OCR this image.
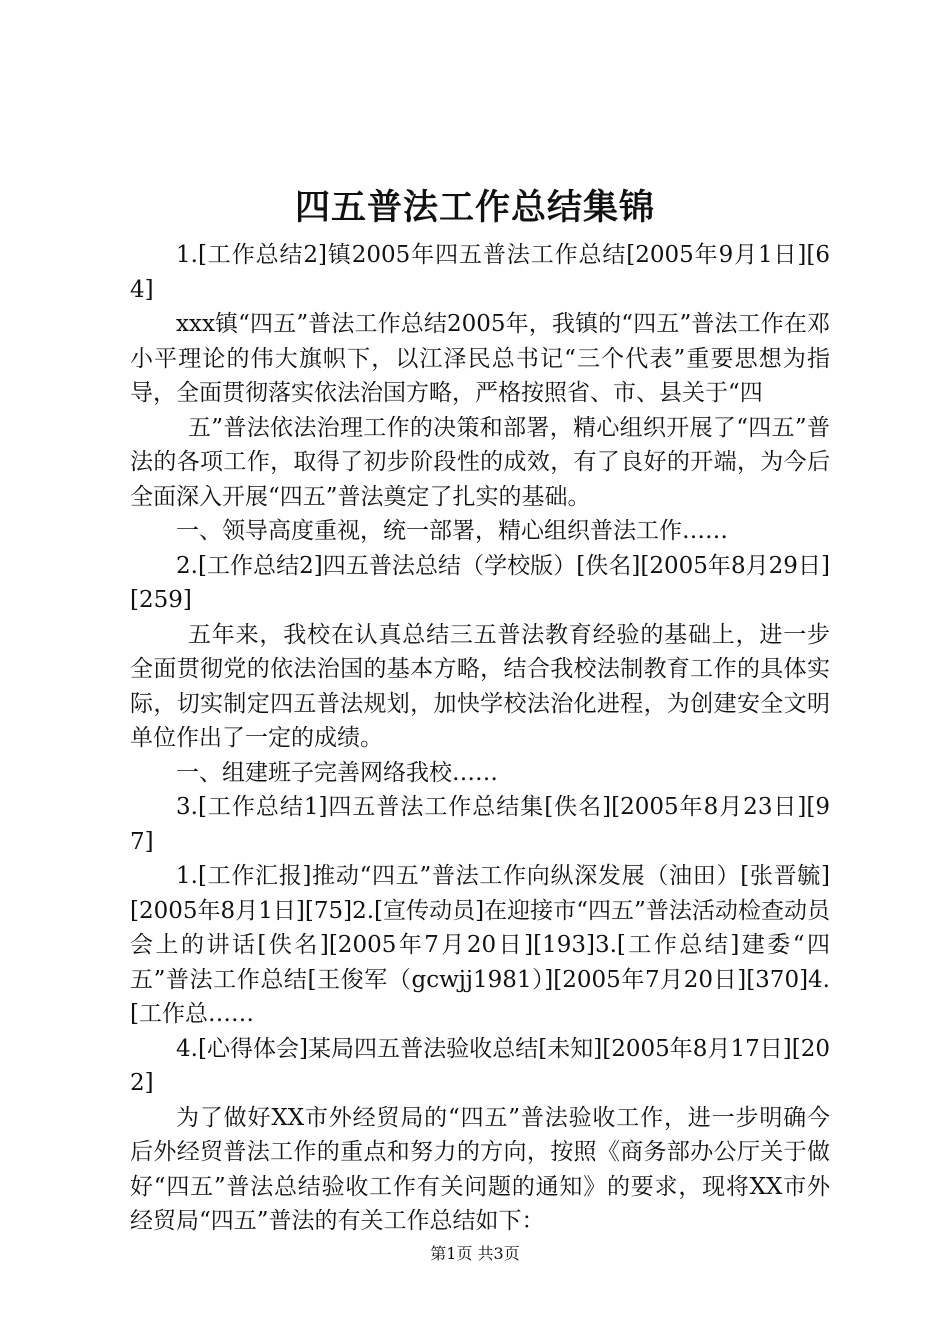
四五普法工作总结集锦

1.[工作总结2]镇2005年四五普法工作总结[2005年9月1日][64]

xxx镇“四五”普法工作总结2005年，我镇的“四五”普法工作在邓小平理论的伟大旗帜下，以江泽民总书记“三个代表”重要思想为指导，全面贯彻落实依法治国方略，严格按照省、市、县关于“四

五”普法依法治理工作的决策和部署，精心组织开展了“四五”普法的各项工作，取得了初步阶段性的成效，有了良好的开端，为今后全面深入开展“四五”普法奠定了扎实的基础。

一、领导高度重视，统一部署，精心组织普法工作……

2.[工作总结2]四五普法总结（学校版）[佚名][2005年8月29日][259]

五年来，我校在认真总结三五普法教育经验的基础上，进一步全面贯彻党的依法治国的基本方略，结合我校法制教育工作的具体实际，切实制定四五普法规划，加快学校法治化进程，为创建安全文明单位作出了一定的成绩。

一、组建班子完善网络我校……

3.[工作总结1]四五普法工作总结集[佚名][2005年8月23日][97]

1.[工作汇报]推动“四五”普法工作向纵深发展（油田）[张晋毓][2005年8月1日][75]2.[宣传动员]在迎接市“四五”普法活动检查动员会上的讲话[佚名][2005年7月20日][193]3.[工作总结]建委“四五”普法工作总结[王俊军（gcwjj1981）][2005年7月20日][370]4.[工作总……

4.[心得体会]某局四五普法验收总结[未知][2005年8月17日][202]

为了做好XX市外经贸局的“四五”普法验收工作，进一步明确今后外经贸普法工作的重点和努力的方向，按照《商务部办公厅关于做好“四五”普法总结验收工作有关问题的通知》的要求，现将XX市外经贸局“四五”普法的有关工作总结如下：

第1页 共3页
